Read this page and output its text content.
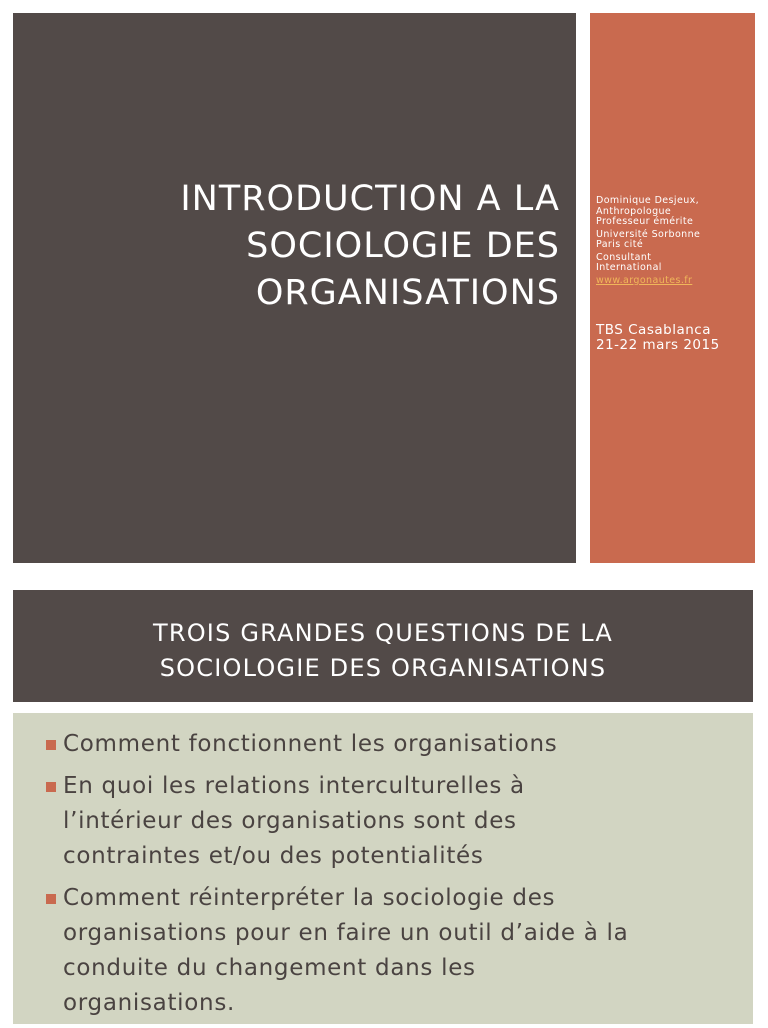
INTRODUCTION A LA
SOCIOLOGIE DES
ORGANISATIONS
Dominique Desjeux,
Anthropologue
Professeur émérite
Université Sorbonne
Paris cité
Consultant
International
www.argonautes.fr
TBS Casablanca
21-22 mars 2015
TROIS GRANDES QUESTIONS DE LA
SOCIOLOGIE DES ORGANISATIONS
Comment fonctionnent les organisations
En quoi les relations interculturelles à
l’intérieur des organisations sont des
contraintes et/ou des potentialités
Comment réinterpréter la sociologie des
organisations pour en faire un outil d’aide à la
conduite du changement dans les
organisations.
